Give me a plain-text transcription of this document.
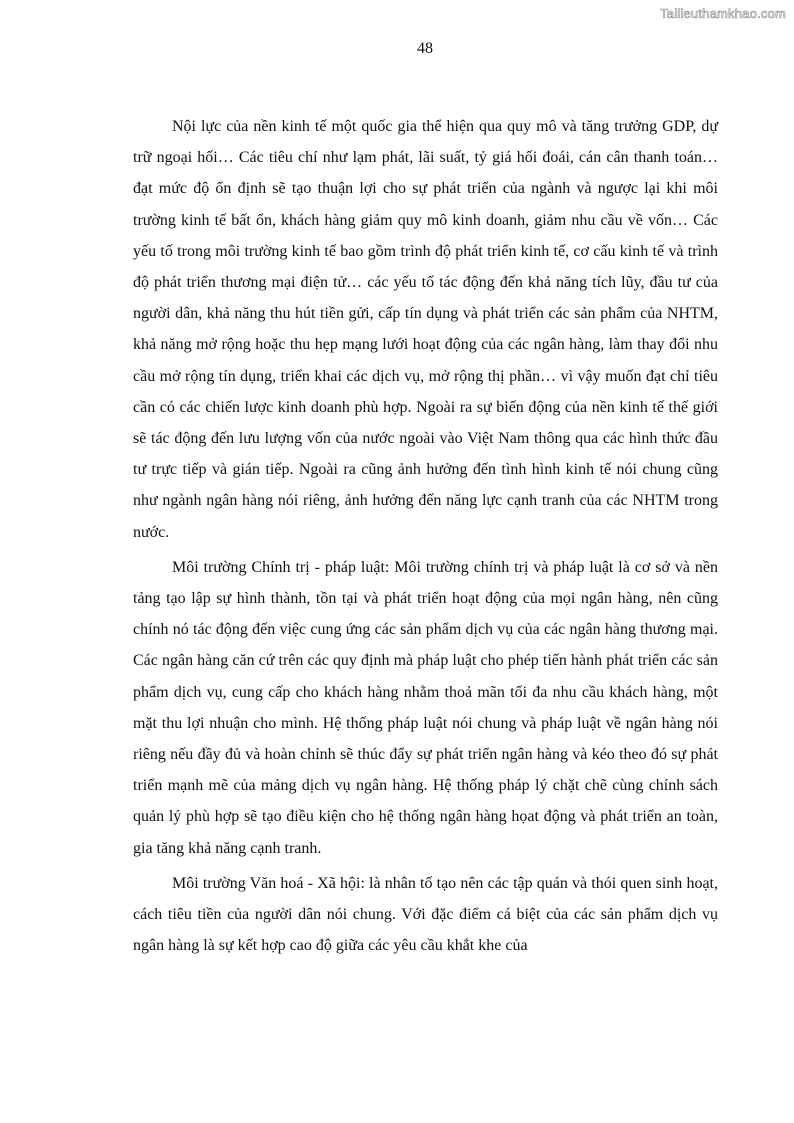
Tailieuthamkhao.com
48

Nội lực của nền kinh tế một quốc gia thể hiện qua quy mô và tăng trưởng GDP, dự trữ ngoại hối… Các tiêu chí như lạm phát, lãi suất, tỷ giá hối đoái, cán cân thanh toán… đạt mức độ ổn định sẽ tạo thuận lợi cho sự phát triển của ngành và ngược lại khi môi trường kinh tế bất ổn, khách hàng giảm quy mô kinh doanh, giảm nhu cầu về vốn… Các yếu tố trong môi trường kinh tế bao gồm trình độ phát triển kinh tế, cơ cấu kinh tế và trình độ phát triển thương mại điện tử… các yếu tố tác động đến khả năng tích lũy, đầu tư của người dân, khả năng thu hút tiền gửi, cấp tín dụng và phát triển các sản phẩm của NHTM, khả năng mở rộng hoặc thu hẹp mạng lưới hoạt động của các ngân hàng, làm thay đổi nhu cầu mở rộng tín dụng, triển khai các dịch vụ, mở rộng thị phần… vì vậy muốn đạt chỉ tiêu cần có các chiến lược kinh doanh phù hợp. Ngoài ra sự biến động của nền kinh tế thế giới sẽ tác động đến lưu lượng vốn của nước ngoài vào Việt Nam thông qua các hình thức đầu tư trực tiếp và gián tiếp. Ngoài ra cũng ảnh hưởng đến tình hình kinh tế nói chung cũng như ngành ngân hàng nói riêng, ảnh hưởng đến năng lực cạnh tranh của các NHTM trong nước.

Môi trường Chính trị - pháp luật: Môi trường chính trị và pháp luật là cơ sở và nền tảng tạo lập sự hình thành, tồn tại và phát triển hoạt động của mọi ngân hàng, nên cũng chính nó tác động đến việc cung ứng các sản phẩm dịch vụ của các ngân hàng thương mại. Các ngân hàng căn cứ trên các quy định mà pháp luật cho phép tiến hành phát triển các sản phẩm dịch vụ, cung cấp cho khách hàng nhằm thoả mãn tối đa nhu cầu khách hàng, một mặt thu lợi nhuận cho mình. Hệ thống pháp luật nói chung và pháp luật về ngân hàng nói riêng nếu đầy đủ và hoàn chỉnh sẽ thúc đẩy sự phát triển ngân hàng và kéo theo đó sự phát triển mạnh mẽ của mảng dịch vụ ngân hàng. Hệ thống pháp lý chặt chẽ cùng chính sách quản lý phù hợp sẽ tạo điều kiện cho hệ thống ngân hàng họat động và phát triển an toàn, gia tăng khả năng cạnh tranh.

Môi trường Văn hoá - Xã hội: là nhân tố tạo nên các tập quán và thói quen sinh hoạt, cách tiêu tiền của người dân nói chung. Với đặc điểm cá biệt của các sản phẩm dịch vụ ngân hàng là sự kết hợp cao độ giữa các yêu cầu khắt khe của
